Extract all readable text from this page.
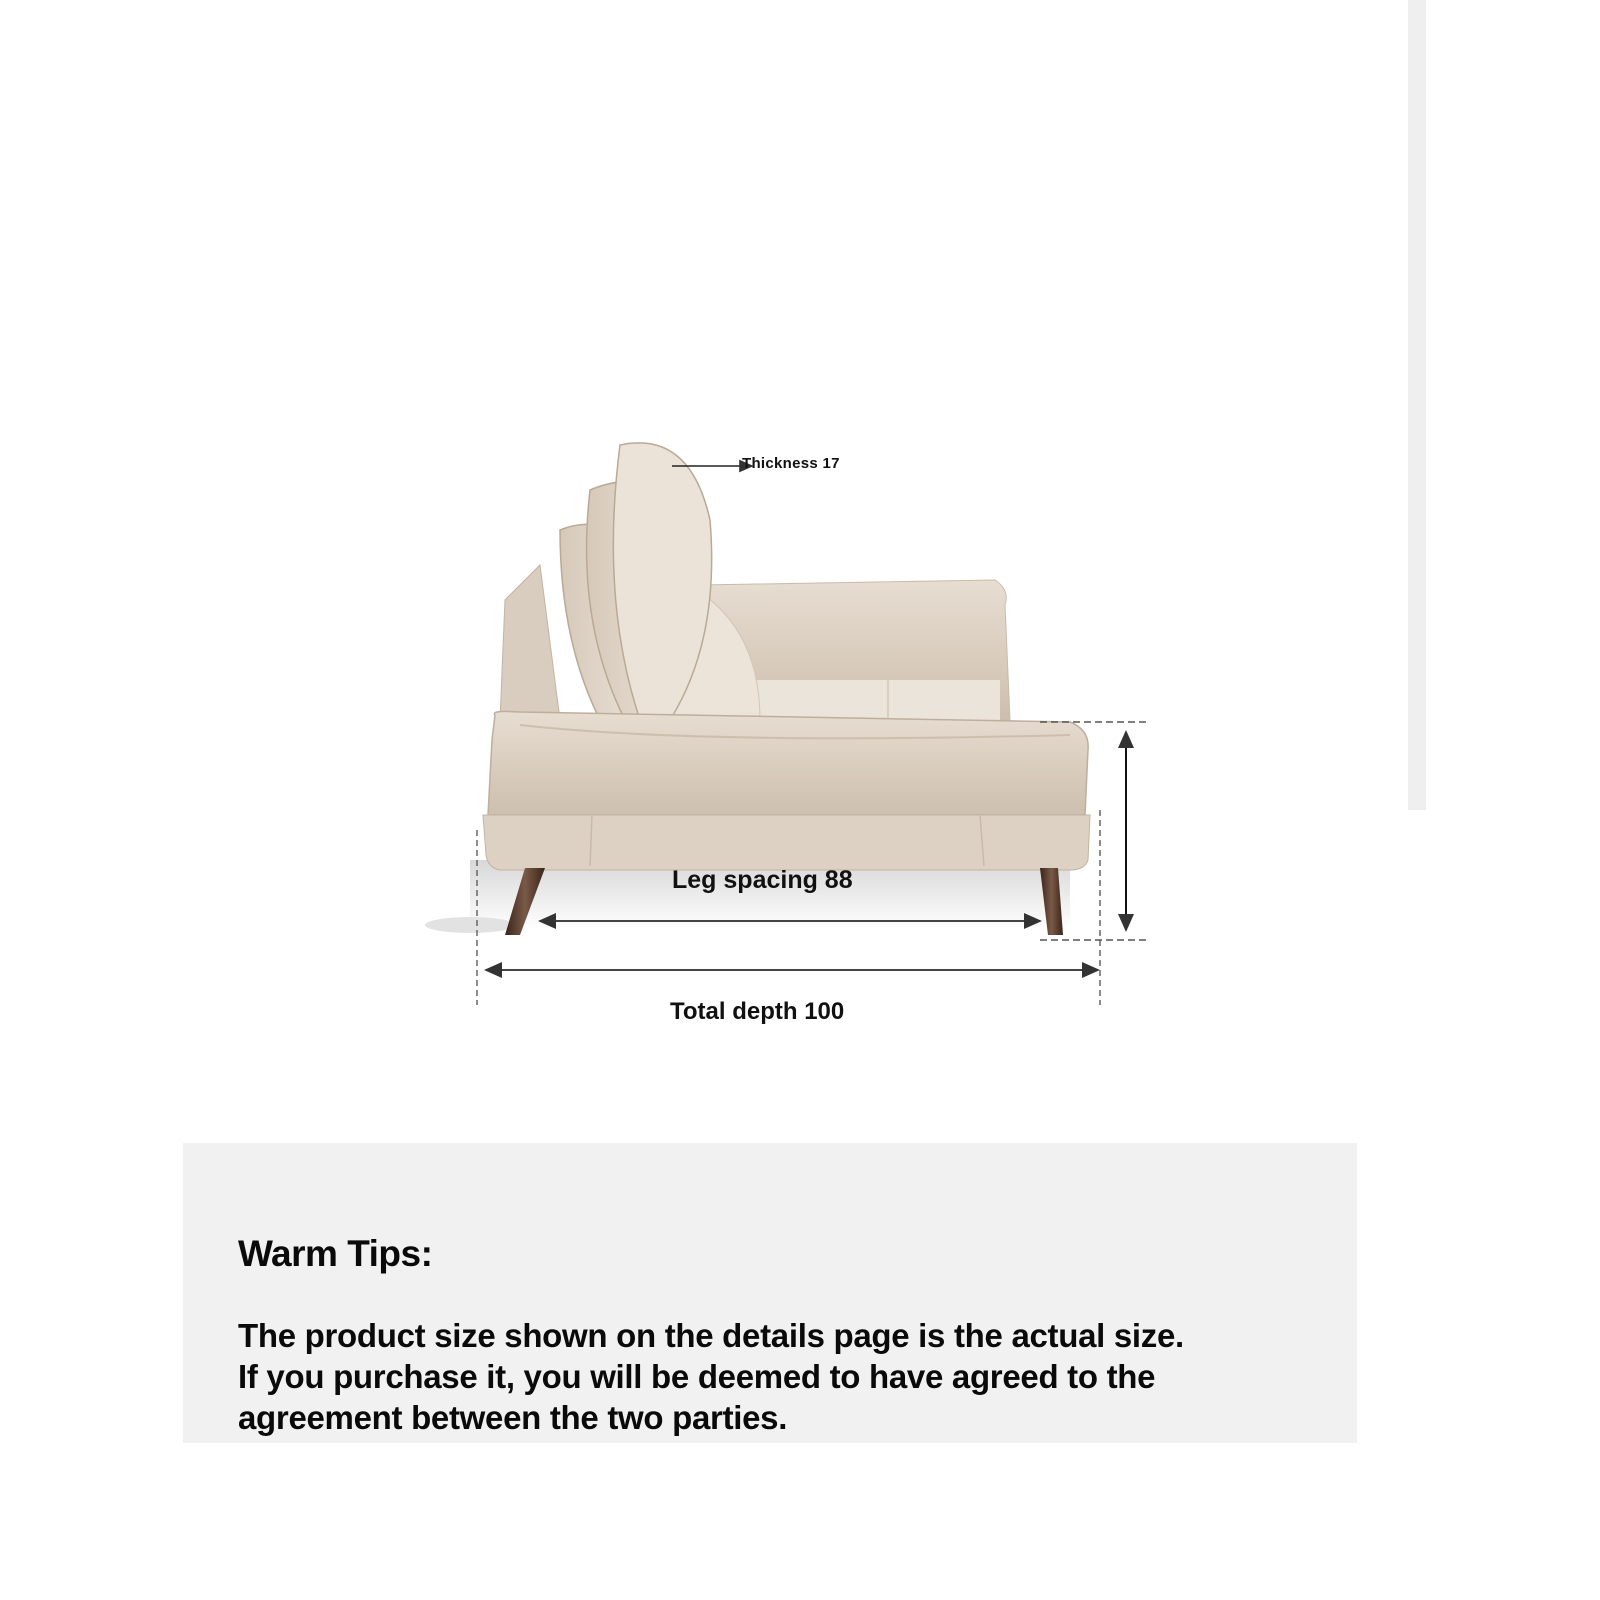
Thickness 17
Leg spacing 88
Total depth 100
Warm Tips:
The product size shown on the details page is the actual size.
If you purchase it, you will be deemed to have agreed to the
agreement between the two parties.
